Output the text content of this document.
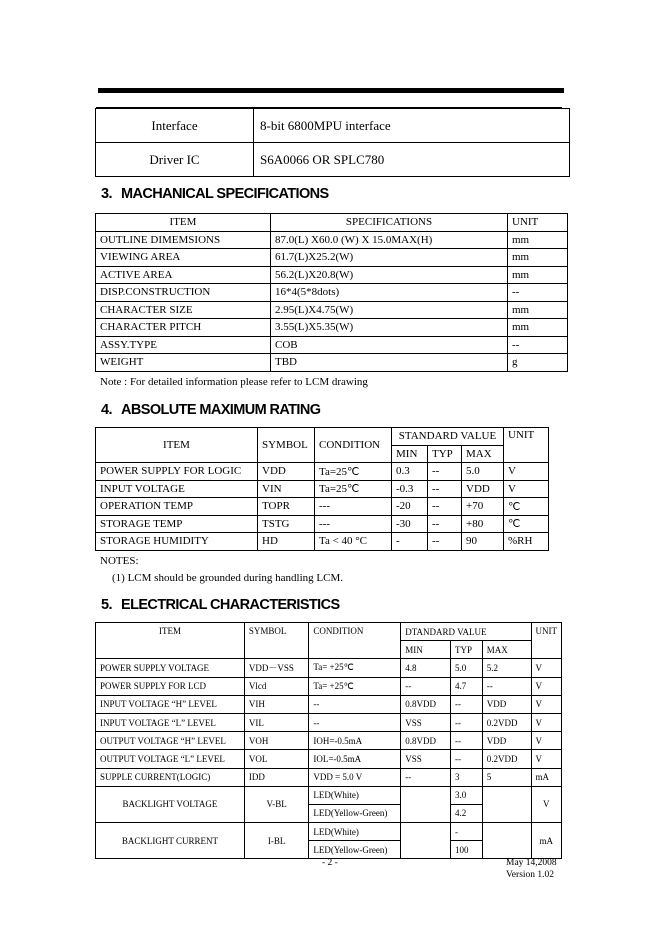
Interface	8-bit 6800MPU interface
Driver IC	S6A0066 OR SPLC780
3. MACHANICAL SPECIFICATIONS
ITEM	SPECIFICATIONS	UNIT
OUTLINE DIMEMSIONS	87.0(L) X60.0 (W) X 15.0MAX(H)	mm
VIEWING AREA	61.7(L)X25.2(W)	mm
ACTIVE AREA	56.2(L)X20.8(W)	mm
DISP.CONSTRUCTION	16*4(5*8dots)	--
CHARACTER SIZE	2.95(L)X4.75(W)	mm
CHARACTER PITCH	3.55(L)X5.35(W)	mm
ASSY.TYPE	COB	--
WEIGHT	TBD	g
Note : For detailed information please refer to LCM drawing
4. ABSOLUTE MAXIMUM RATING
ITEM	SYMBOL	CONDITION	STANDARD VALUE			UNIT
			MIN	TYP	MAX	
POWER SUPPLY FOR LOGIC	VDD	Ta=25℃	0.3	--	5.0	V
INPUT VOLTAGE	VIN	Ta=25℃	-0.3	--	VDD	V
OPERATION TEMP	TOPR	---	-20	--	+70	℃
STORAGE TEMP	TSTG	---	-30	--	+80	℃
STORAGE HUMIDITY	HD	Ta < 40 °C	-	--	90	%RH
NOTES:
(1) LCM should be grounded during handling LCM.
5. ELECTRICAL CHARACTERISTICS
ITEM	SYMBOL	CONDITION	DTANDARD VALUE			UNIT
			MIN	TYP	MAX	
POWER SUPPLY VOLTAGE	VDD－VSS	Ta= +25℃	4.8	5.0	5.2	V
POWER SUPPLY FOR LCD	Vlcd	Ta= +25℃	--	4.7	--	V
INPUT VOLTAGE “H” LEVEL	VIH	--	0.8VDD	--	VDD	V
INPUT VOLTAGE “L” LEVEL	VIL	--	VSS	--	0.2VDD	V
OUTPUT VOLTAGE “H” LEVEL	VOH	IOH=-0.5mA	0.8VDD	--	VDD	V
OUTPUT VOLTAGE “L” LEVEL	VOL	IOL=-0.5mA	VSS	--	0.2VDD	V
SUPPLE CURRENT(LOGIC)	IDD	VDD = 5.0 V	--	3	5	mA
BACKLIGHT VOLTAGE	V-BL	LED(White)		3.0		V
		LED(Yellow-Green)		4.2		
BACKLIGHT CURRENT	I-BL	LED(White)		-		mA
		LED(Yellow-Green)		100		
- 2 -	May 14,2008
Version 1.02
